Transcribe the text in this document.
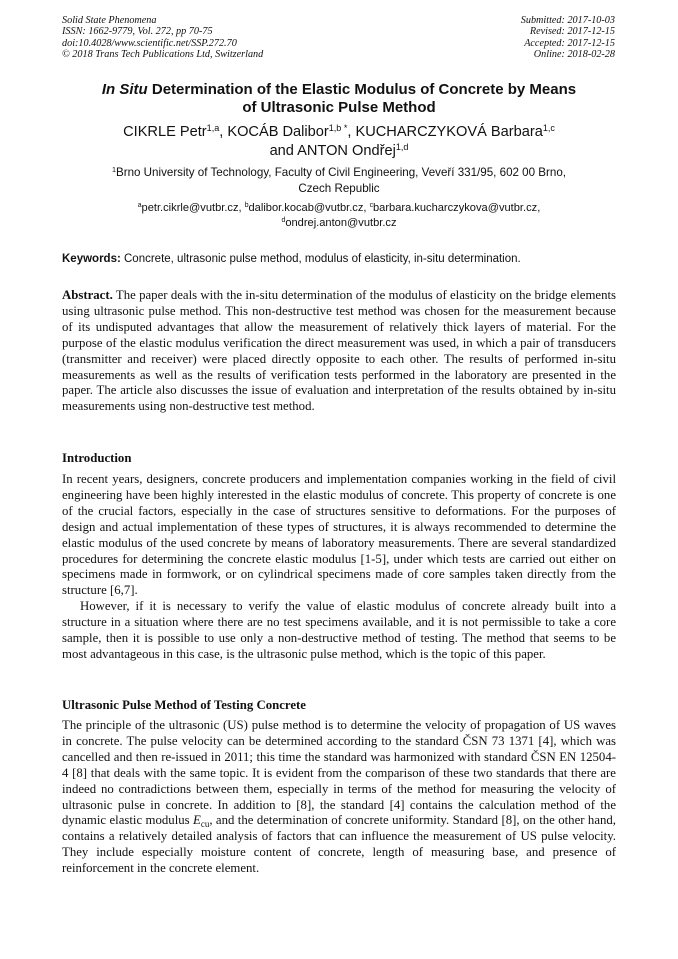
Solid State Phenomena
ISSN: 1662-9779, Vol. 272, pp 70-75
doi:10.4028/www.scientific.net/SSP.272.70
© 2018 Trans Tech Publications Ltd, Switzerland
Submitted: 2017-10-03
Revised: 2017-12-15
Accepted: 2017-12-15
Online: 2018-02-28
In Situ Determination of the Elastic Modulus of Concrete by Means
of Ultrasonic Pulse Method
CIKRLE Petr$^{1,a}$, KOCÁB Dalibor$^{1,b *}$, KUCHARCZYKOVÁ Barbara$^{1,c}$
and ANTON Ondřej$^{1,d}$
$^1$Brno University of Technology, Faculty of Civil Engineering, Veveří 331/95, 602 00 Brno,
Czech Republic
$^a$petr.cikrle@vutbr.cz, $^b$dalibor.kocab@vutbr.cz, $^c$barbara.kucharczykova@vutbr.cz,
$^d$ondrej.anton@vutbr.cz
Keywords: Concrete, ultrasonic pulse method, modulus of elasticity, in-situ determination.
Abstract. The paper deals with the in-situ determination of the modulus of elasticity on the bridge elements using ultrasonic pulse method. This non-destructive test method was chosen for the measurement because of its undisputed advantages that allow the measurement of relatively thick layers of material. For the purpose of the elastic modulus verification the direct measurement was used, in which a pair of transducers (transmitter and receiver) were placed directly opposite to each other. The results of performed in-situ measurements as well as the results of verification tests performed in the laboratory are presented in the paper. The article also discusses the issue of evaluation and interpretation of the results obtained by in-situ measurements using non-destructive test method.
Introduction
In recent years, designers, concrete producers and implementation companies working in the field of civil engineering have been highly interested in the elastic modulus of concrete. This property of concrete is one of the crucial factors, especially in the case of structures sensitive to deformations. For the purposes of design and actual implementation of these types of structures, it is always recommended to determine the elastic modulus of the used concrete by means of laboratory measurements. There are several standardized procedures for determining the concrete elastic modulus [1-5], under which tests are carried out either on specimens made in formwork, or on cylindrical specimens made of core samples taken directly from the structure [6,7].
However, if it is necessary to verify the value of elastic modulus of concrete already built into a structure in a situation where there are no test specimens available, and it is not permissible to take a core sample, then it is possible to use only a non-destructive method of testing. The method that seems to be most advantageous in this case, is the ultrasonic pulse method, which is the topic of this paper.
Ultrasonic Pulse Method of Testing Concrete
The principle of the ultrasonic (US) pulse method is to determine the velocity of propagation of US waves in concrete. The pulse velocity can be determined according to the standard ČSN 73 1371 [4], which was cancelled and then re-issued in 2011; this time the standard was harmonized with standard ČSN EN 12504-4 [8] that deals with the same topic. It is evident from the comparison of these two standards that there are indeed no contradictions between them, especially in terms of the method for measuring the velocity of ultrasonic pulse in concrete. In addition to [8], the standard [4] contains the calculation method of the dynamic elastic modulus $E_{cu}$, and the determination of concrete uniformity. Standard [8], on the other hand, contains a relatively detailed analysis of factors that can influence the measurement of US pulse velocity. They include especially moisture content of concrete, length of measuring base, and presence of reinforcement in the concrete element.
